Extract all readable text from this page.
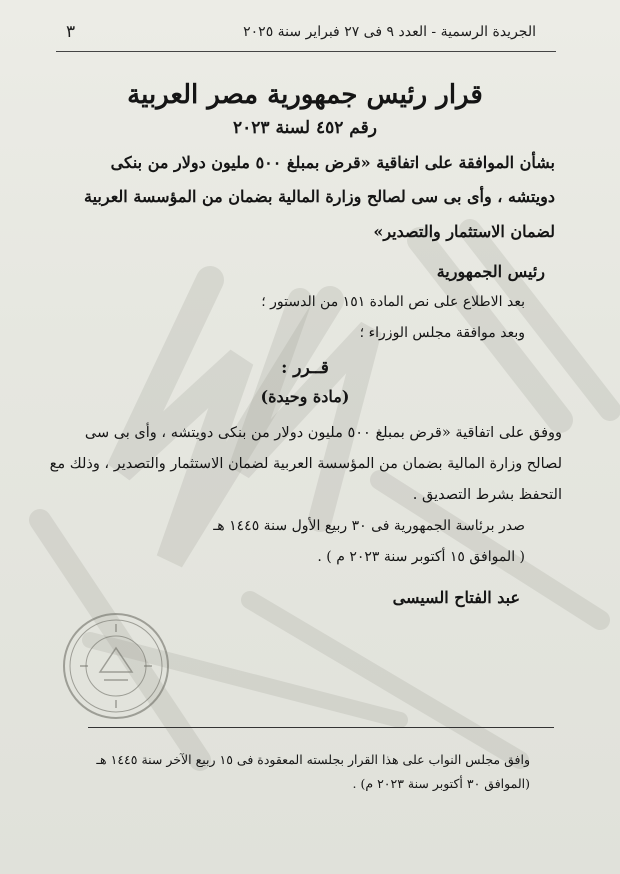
الجريدة الرسمية - العدد ٩ فى ٢٧ فبراير سنة ٢٠٢٥
٣
قرار رئيس جمهورية مصر العربية
رقم ٤٥٢ لسنة ٢٠٢٣
بشأن الموافقة على اتفاقية «قرض بمبلغ ٥٠٠ مليون دولار من بنكى
دويتشه ، وأى بى سى لصالح وزارة المالية بضمان من المؤسسة العربية
لضمان الاستثمار والتصدير»
رئيس الجمهورية
بعد الاطلاع على نص المادة ١٥١ من الدستور ؛
وبعد موافقة مجلس الوزراء ؛
قــرر :
(مادة وحيدة)
ووفق على اتفاقية «قرض بمبلغ ٥٠٠ مليون دولار من بنكى دويتشه ، وأى بى سى
لصالح وزارة المالية بضمان من المؤسسة العربية لضمان الاستثمار والتصدير ، وذلك مع
التحفظ بشرط التصديق .
صدر برئاسة الجمهورية فى ٣٠ ربيع الأول سنة ١٤٤٥ هـ
( الموافق ١٥ أكتوبر سنة ٢٠٢٣ م ) .
عبد الفتاح السيسى
وافق مجلس النواب على هذا القرار بجلسته المعقودة فى ١٥ ربيع الآخر سنة ١٤٤٥ هـ
(الموافق ٣٠ أكتوبر سنة ٢٠٢٣ م) .
